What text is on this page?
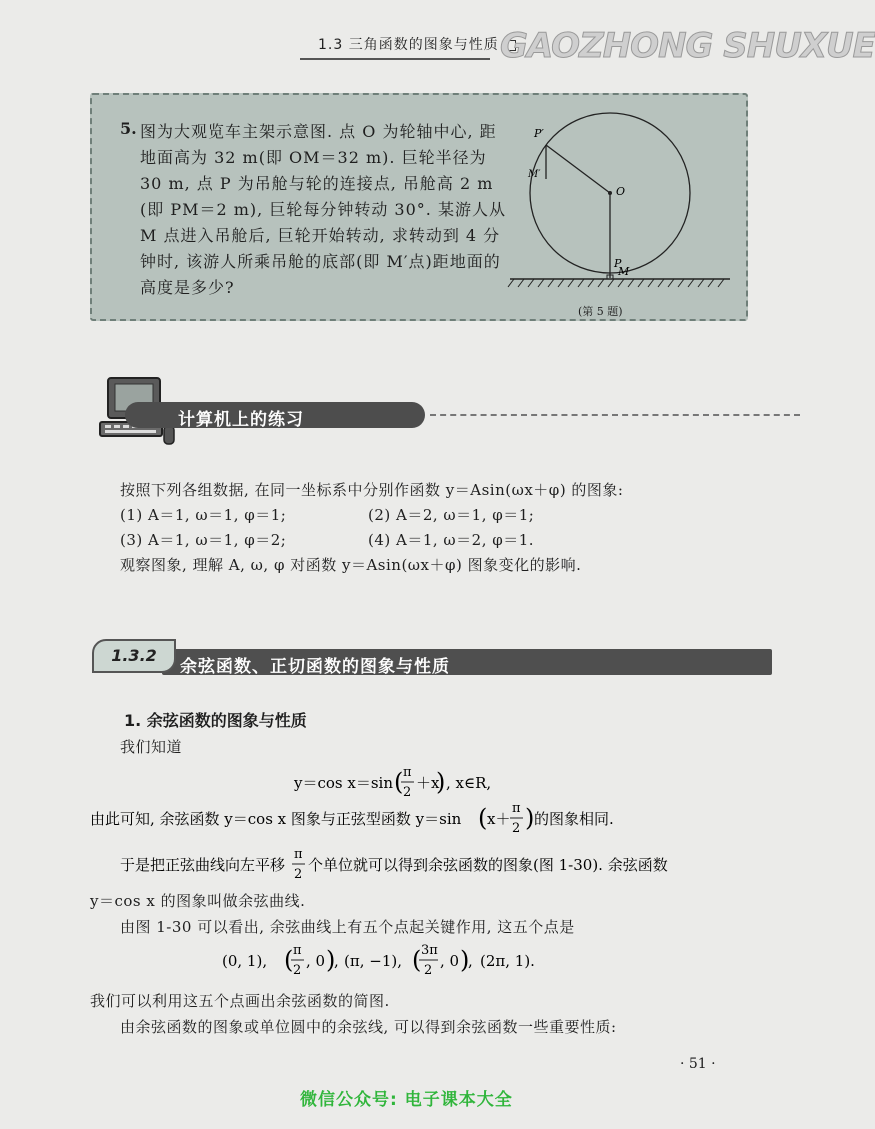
1.3 三角函数的图象与性质 GAOZHONG SHUXUE
5. 图为大观览车主架示意图. 点 O 为轮轴中心, 距
地面高为 32 m(即 OM＝32 m). 巨轮半径为
30 m, 点 P 为吊舱与轮的连接点, 吊舱高 2 m
(即 PM＝2 m), 巨轮每分钟转动 30°. 某游人从
M 点进入吊舱后, 巨轮开始转动, 求转动到 4 分
钟时, 该游人所乘吊舱的底部(即 M′点)距地面的
高度是多少?
P′
M′
O
P
M
(第 5 题)
计算机上的练习
按照下列各组数据, 在同一坐标系中分别作函数 y＝Asin(ωx＋φ) 的图象:
(1) A＝1, ω＝1, φ＝1;	(2) A＝2, ω＝1, φ＝1;
(3) A＝1, ω＝1, φ＝2;	(4) A＝1, ω＝2, φ＝1.
观察图象, 理解 A, ω, φ 对函数 y＝Asin(ωx＋φ) 图象变化的影响.
1.3.2
余弦函数、正切函数的图象与性质
1. 余弦函数的图象与性质
我们知道
y＝cos x＝sin ( π
2
＋x
) , x∈R,
由此可知, 余弦函数 y＝cos x 图象与正弦型函数 y＝sin ( x＋
π
2 ) 的图象相同.
于是把正弦曲线向左平移
π
2
个单位就可以得到余弦函数的图象(图 1-30). 余弦函数
y＝cos x 的图象叫做余弦曲线.
由图 1-30 可以看出, 余弦曲线上有五个点起关键作用, 这五个点是
(0, 1), ( π
2
, 0 )
, (π, −1), ( 3π
2
, 0 )
, (2π, 1).
我们可以利用这五个点画出余弦函数的简图.
由余弦函数的图象或单位圆中的余弦线, 可以得到余弦函数一些重要性质:
· 51 ·
微信公众号: 电子课本大全
